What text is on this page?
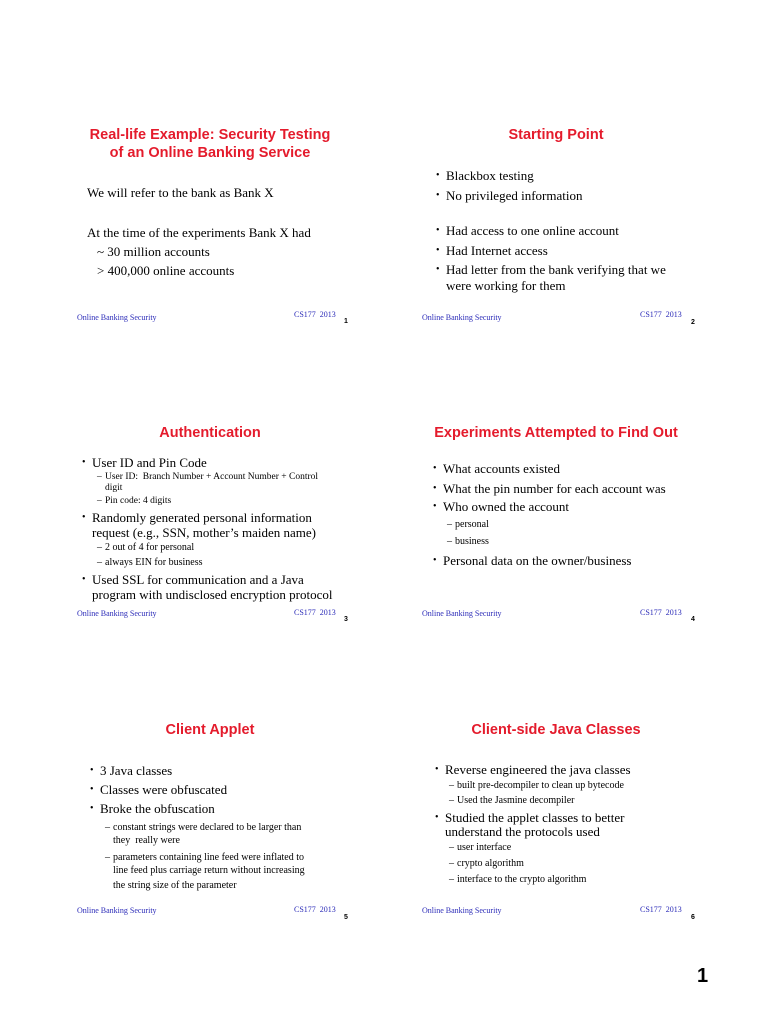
Real-life Example: Security Testing
of an Online Banking Service
We will refer to the bank as Bank X
At the time of the experiments Bank X had
~ 30 million accounts
> 400,000 online accounts
Online Banking Security	CS177  2013
1
Starting Point
•
Blackbox testing
•
No privileged information
•
Had access to one online account
•
Had Internet access
•
Had letter from the bank verifying that we
were working for them
Online Banking Security	CS177  2013
2
Authentication
•
User ID and Pin Code
–
User ID:  Branch Number + Account Number + Control
digit
–
Pin code: 4 digits
•
Randomly generated personal information
request (e.g., SSN, mother’s maiden name)
–
2 out of 4 for personal
–
always EIN for business
•
Used SSL for communication and a Java
program with undisclosed encryption protocol
Online Banking Security	CS177  2013
3
Experiments Attempted to Find Out
•
What accounts existed
•
What the pin number for each account was
•
Who owned the account
–
personal
–
business
•
Personal data on the owner/business
Online Banking Security	CS177  2013
4
Client Applet
•
3 Java classes
•
Classes were obfuscated
•
Broke the obfuscation
–
constant strings were declared to be larger than
they  really were
–
parameters containing line feed were inflated to
line feed plus carriage return without increasing
the string size of the parameter
Online Banking Security	CS177  2013
5
Client-side Java Classes
•
Reverse engineered the java classes
–
built pre-decompiler to clean up bytecode
–
Used the Jasmine decompiler
•
Studied the applet classes to better
understand the protocols used
–
user interface
–
crypto algorithm
–
interface to the crypto algorithm
Online Banking Security	CS177  2013
6
1
